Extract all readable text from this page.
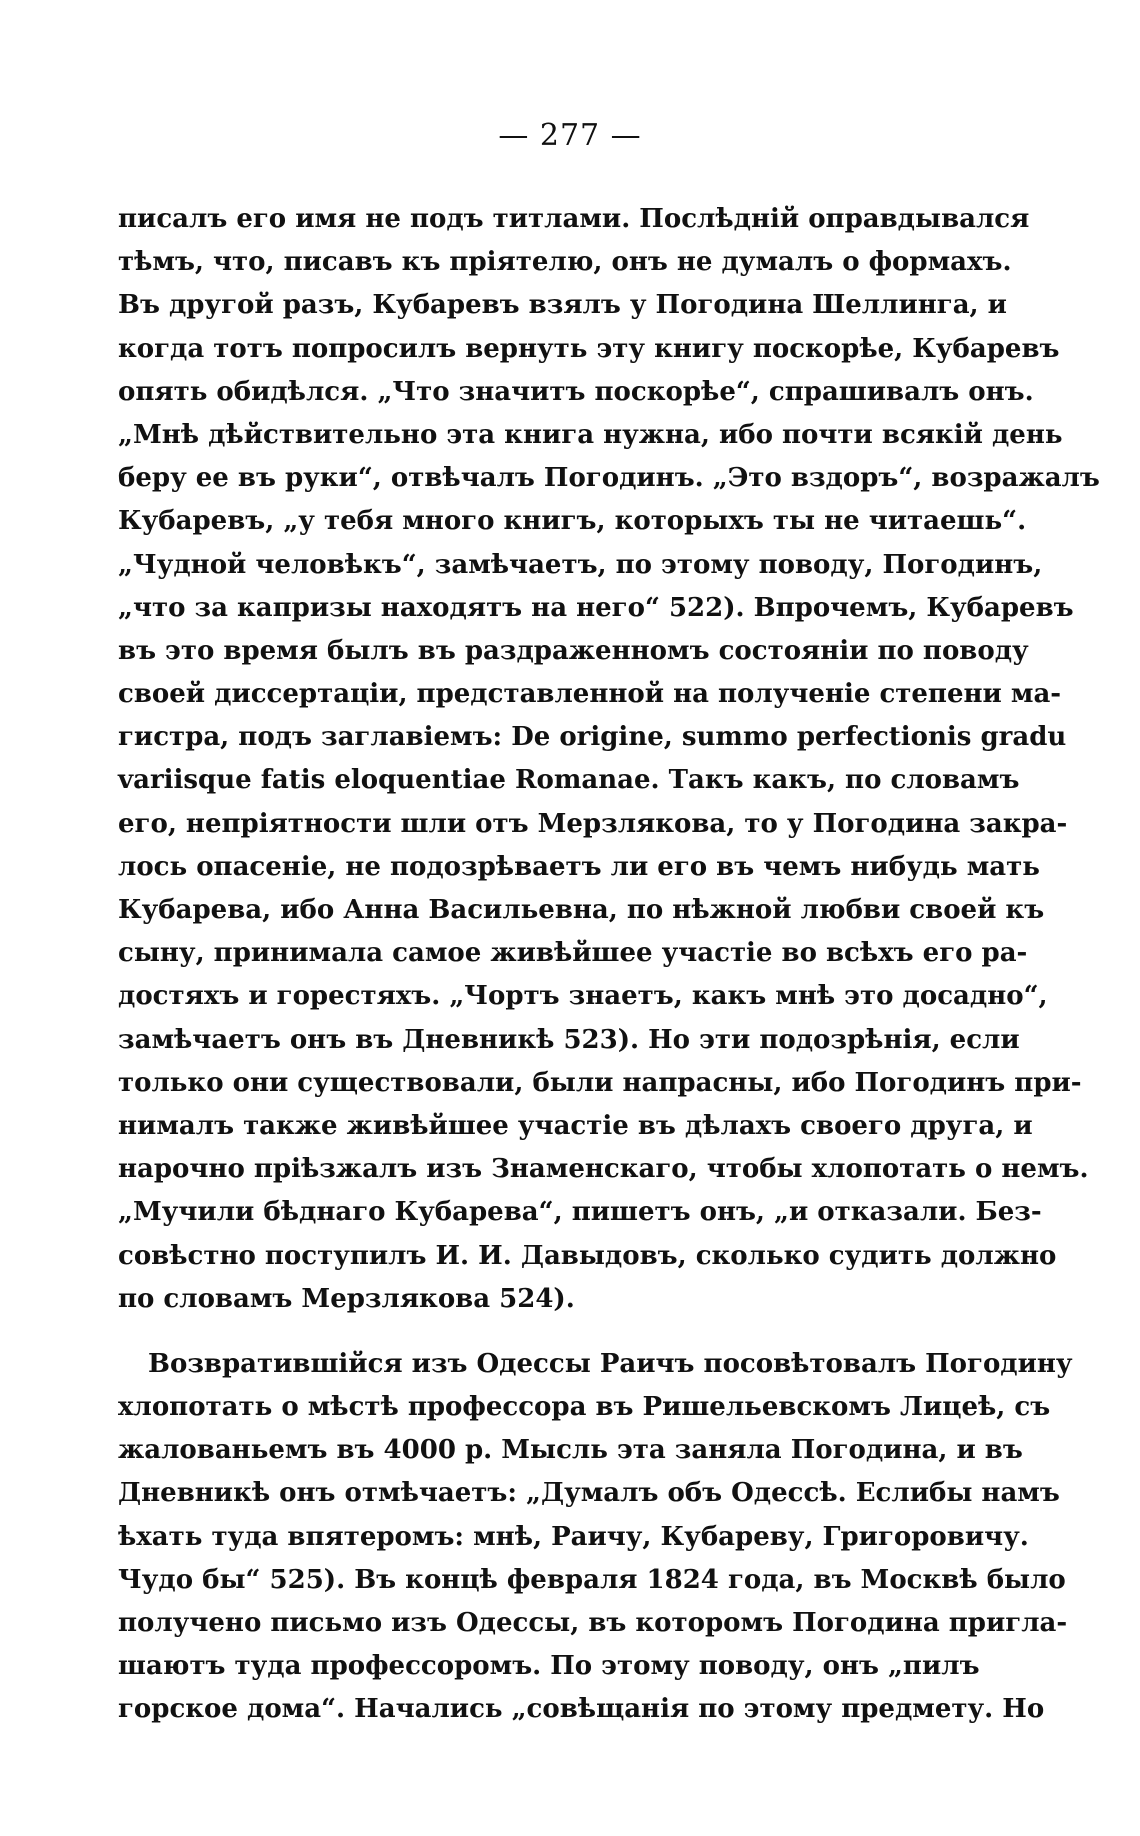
— 277 —
писалъ его имя не подъ титлами. Послѣдній оправдывался
тѣмъ, что, писавъ къ пріятелю, онъ не думалъ о формахъ.
Въ другой разъ, Кубаревъ взялъ у Погодина Шеллинга, и
когда тотъ попросилъ вернуть эту книгу поскорѣе, Кубаревъ
опять обидѣлся. „Что значитъ поскорѣе“, спрашивалъ онъ.
„Мнѣ дѣйствительно эта книга нужна, ибо почти всякій день
беру ее въ руки“, отвѣчалъ Погодинъ. „Это вздоръ“, возражалъ
Кубаревъ, „у тебя много книгъ, которыхъ ты не читаешь“.
„Чудной человѣкъ“, замѣчаетъ, по этому поводу, Погодинъ,
„что за капризы находятъ на него“ 522). Впрочемъ, Кубаревъ
въ это время былъ въ раздраженномъ состояніи по поводу
своей диссертаціи, представленной на полученіе степени ма-
гистра, подъ заглавіемъ: De origine, summo perfectionis gradu
variisque fatis eloquentiae Romanae. Такъ какъ, по словамъ
его, непріятности шли отъ Мерзлякова, то у Погодина закра-
лось опасеніе, не подозрѣваетъ ли его въ чемъ нибудь мать
Кубарева, ибо Анна Васильевна, по нѣжной любви своей къ
сыну, принимала самое живѣйшее участіе во всѣхъ его ра-
достяхъ и горестяхъ. „Чортъ знаетъ, какъ мнѣ это досадно“,
замѣчаетъ онъ въ Дневникѣ 523). Но эти подозрѣнія, если
только они существовали, были напрасны, ибо Погодинъ при-
нималъ также живѣйшее участіе въ дѣлахъ своего друга, и
нарочно пріѣзжалъ изъ Знаменскаго, чтобы хлопотать о немъ.
„Мучили бѣднаго Кубарева“, пишетъ онъ, „и отказали. Без-
совѣстно поступилъ И. И. Давыдовъ, сколько судить должно
по словамъ Мерзлякова 524).
Возвратившійся изъ Одессы Раичъ посовѣтовалъ Погодину
хлопотать о мѣстѣ профессора въ Ришельевскомъ Лицеѣ, съ
жалованьемъ въ 4000 р. Мысль эта заняла Погодина, и въ
Дневникѣ онъ отмѣчаетъ: „Думалъ объ Одессѣ. Еслибы намъ
ѣхать туда впятеромъ: мнѣ, Раичу, Кубареву, Григоровичу.
Чудо бы“ 525). Въ концѣ февраля 1824 года, въ Москвѣ было
получено письмо изъ Одессы, въ которомъ Погодина пригла-
шаютъ туда профессоромъ. По этому поводу, онъ „пилъ
горское дома“. Начались „совѣщанія по этому предмету. Но
